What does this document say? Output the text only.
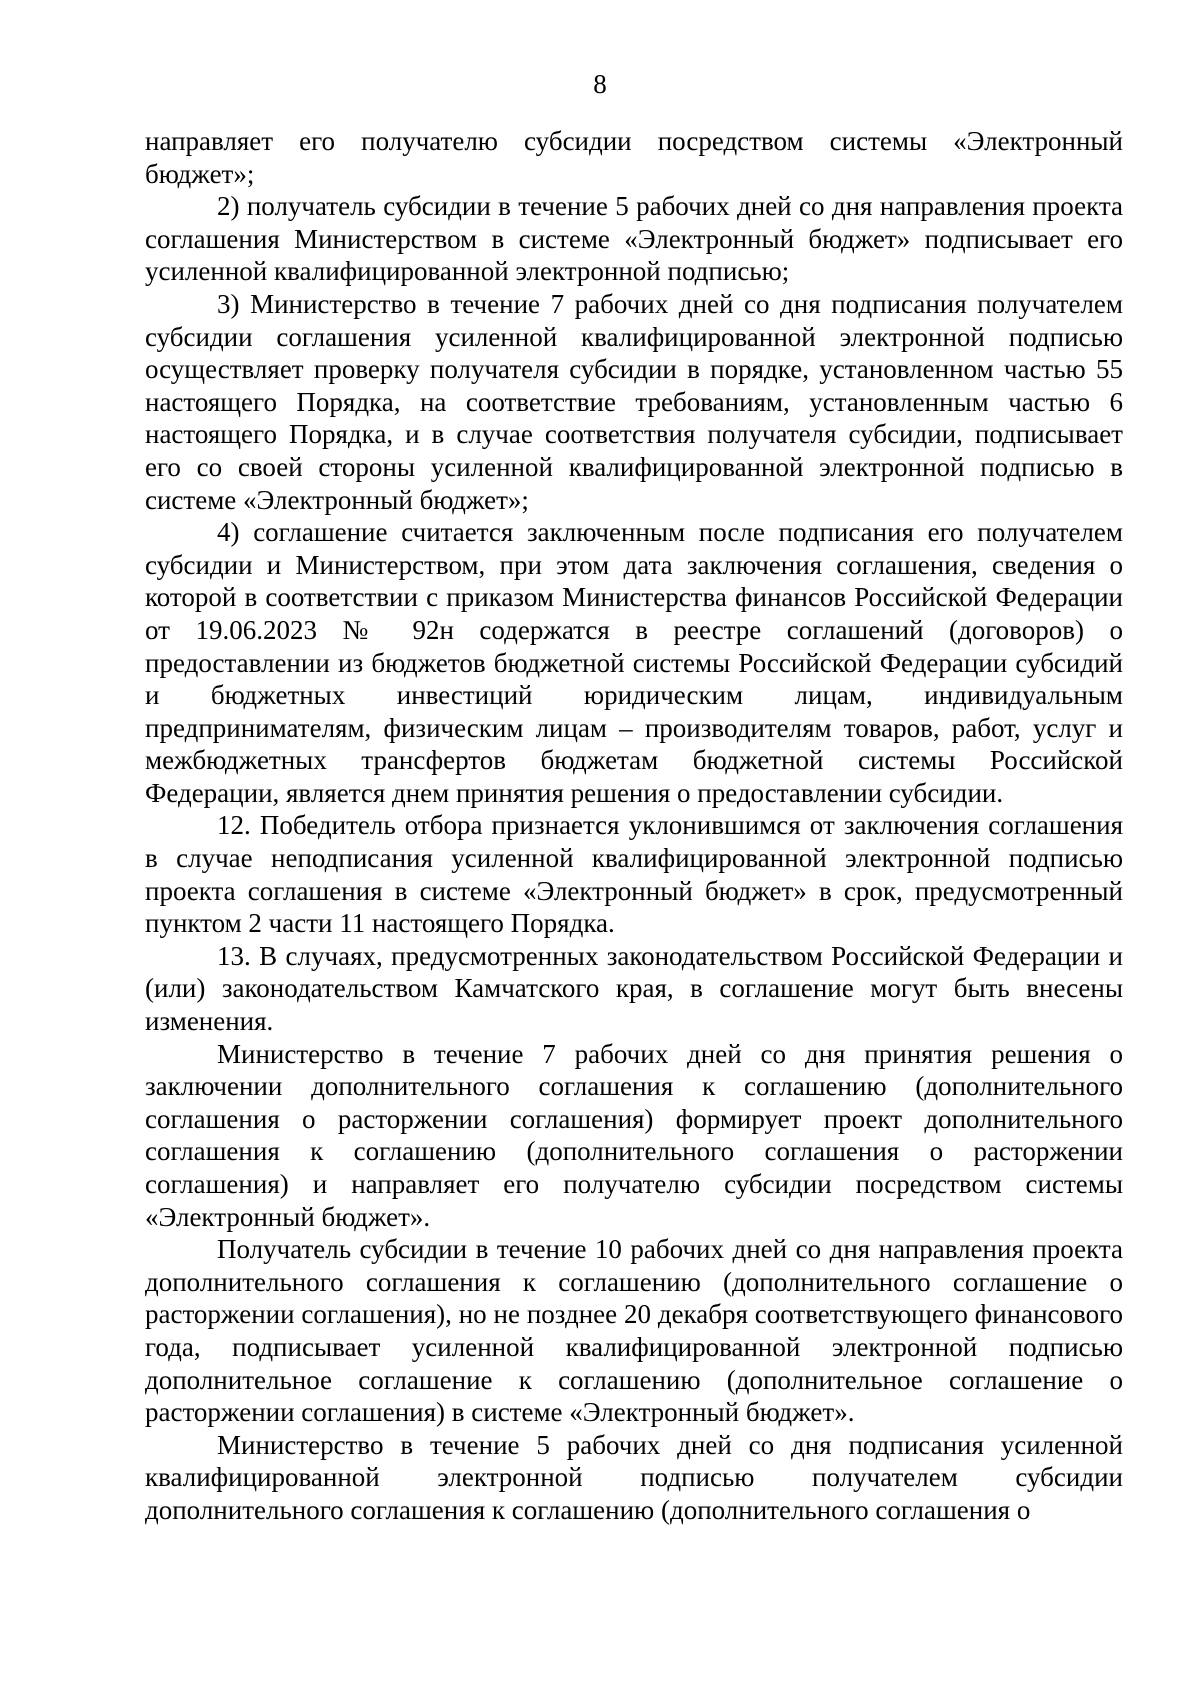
8

направляет его получателю субсидии посредством системы «Электронный бюджет»;

2) получатель субсидии в течение 5 рабочих дней со дня направления проекта соглашения Министерством в системе «Электронный бюджет» подписывает его усиленной квалифицированной электронной подписью;

3) Министерство в течение 7 рабочих дней со дня подписания получателем субсидии соглашения усиленной квалифицированной электронной подписью осуществляет проверку получателя субсидии в порядке, установленном частью 55 настоящего Порядка, на соответствие требованиям, установленным частью 6 настоящего Порядка, и в случае соответствия получателя субсидии, подписывает его со своей стороны усиленной квалифицированной электронной подписью в системе «Электронный бюджет»;

4) соглашение считается заключенным после подписания его получателем субсидии и Министерством, при этом дата заключения соглашения, сведения о которой в соответствии с приказом Министерства финансов Российской Федерации от 19.06.2023 № 92н содержатся в реестре соглашений (договоров) о предоставлении из бюджетов бюджетной системы Российской Федерации субсидий и бюджетных инвестиций юридическим лицам, индивидуальным предпринимателям, физическим лицам – производителям товаров, работ, услуг и межбюджетных трансфертов бюджетам бюджетной системы Российской Федерации, является днем принятия решения о предоставлении субсидии.

12. Победитель отбора признается уклонившимся от заключения соглашения в случае неподписания усиленной квалифицированной электронной подписью проекта соглашения в системе «Электронный бюджет» в срок, предусмотренный пунктом 2 части 11 настоящего Порядка.

13. В случаях, предусмотренных законодательством Российской Федерации и (или) законодательством Камчатского края, в соглашение могут быть внесены изменения.

Министерство в течение 7 рабочих дней со дня принятия решения о заключении дополнительного соглашения к соглашению (дополнительного соглашения о расторжении соглашения) формирует проект дополнительного соглашения к соглашению (дополнительного соглашения о расторжении соглашения) и направляет его получателю субсидии посредством системы «Электронный бюджет».

Получатель субсидии в течение 10 рабочих дней со дня направления проекта дополнительного соглашения к соглашению (дополнительного соглашение о расторжении соглашения), но не позднее 20 декабря соответствующего финансового года, подписывает усиленной квалифицированной электронной подписью дополнительное соглашение к соглашению (дополнительное соглашение о расторжении соглашения) в системе «Электронный бюджет».

Министерство в течение 5 рабочих дней со дня подписания усиленной квалифицированной электронной подписью получателем субсидии дополнительного соглашения к соглашению (дополнительного соглашения о
